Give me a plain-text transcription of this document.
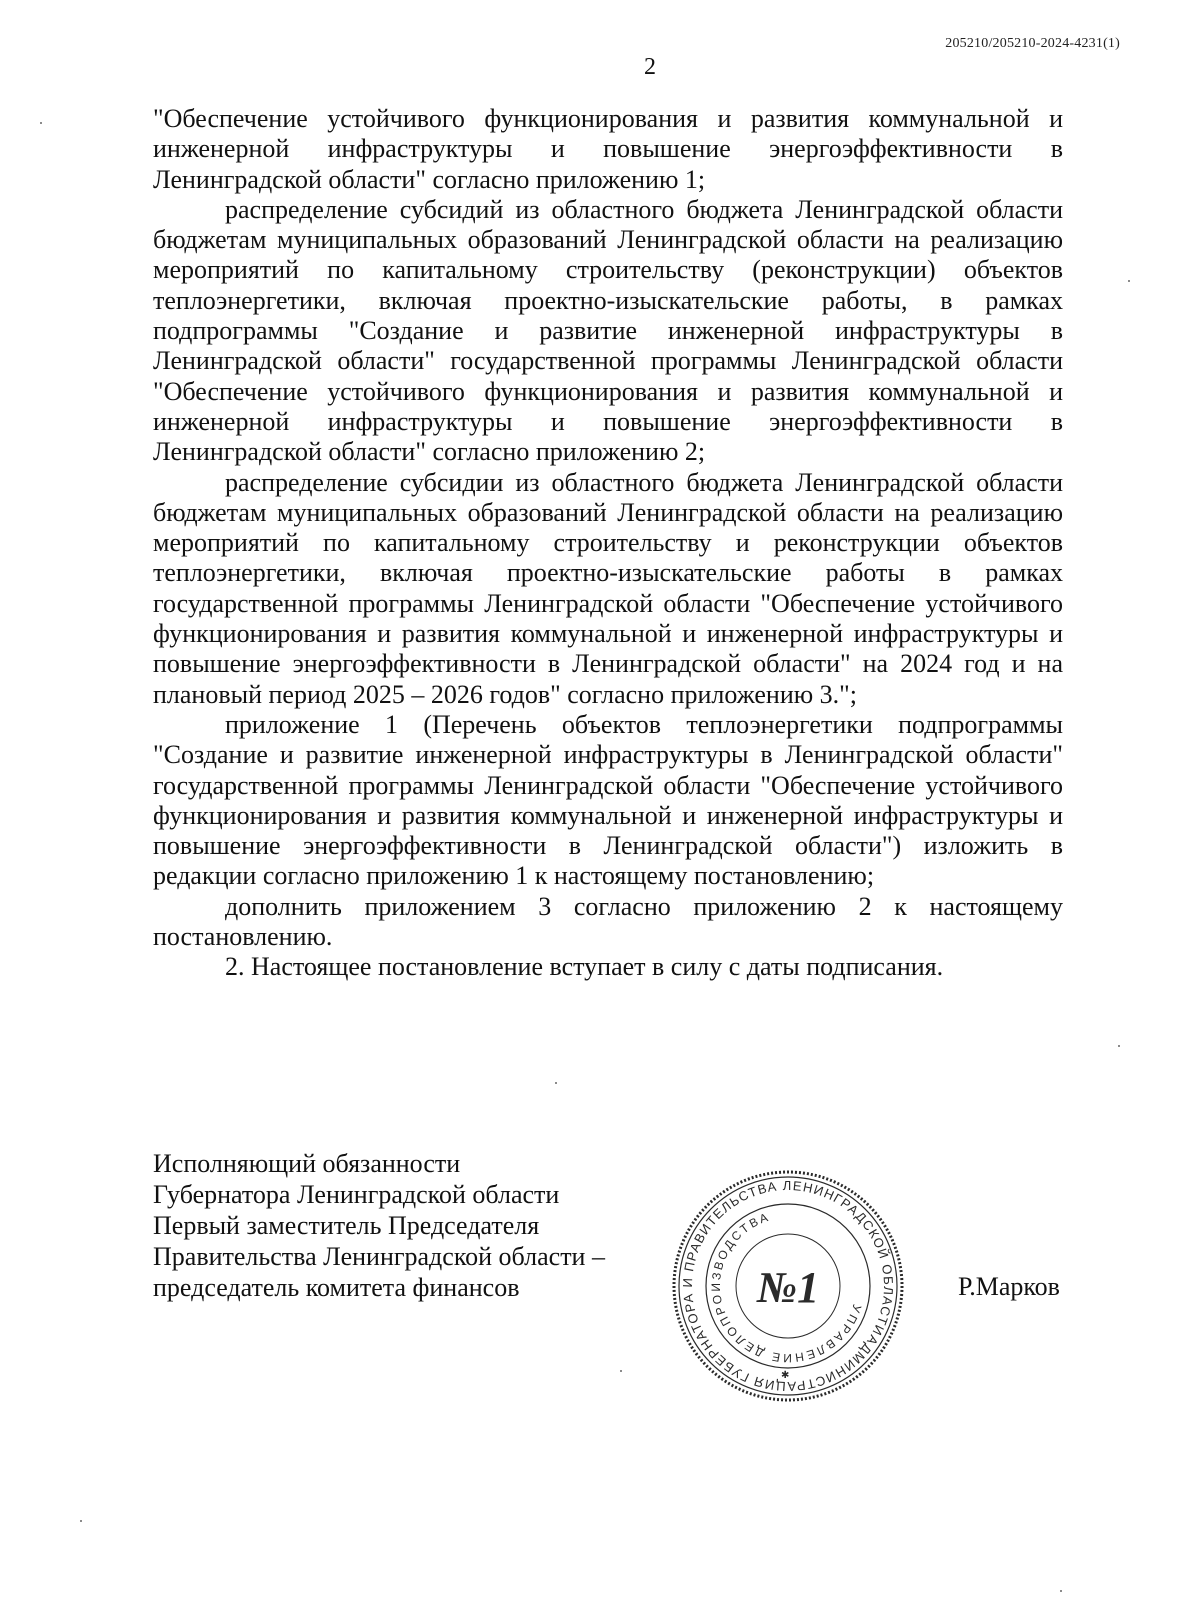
205210/205210-2024-4231(1)
2

"Обеспечение устойчивого функционирования и развития коммунальной и инженерной инфраструктуры и повышение энергоэффективности в Ленинградской области" согласно приложению 1;

распределение субсидий из областного бюджета Ленинградской области бюджетам муниципальных образований Ленинградской области на реализацию мероприятий по капитальному строительству (реконструкции) объектов теплоэнергетики, включая проектно-изыскательские работы, в рамках подпрограммы "Создание и развитие инженерной инфраструктуры в Ленинградской области" государственной программы Ленинградской области "Обеспечение устойчивого функционирования и развития коммунальной и инженерной инфраструктуры и повышение энергоэффективности в Ленинградской области" согласно приложению 2;

распределение субсидии из областного бюджета Ленинградской области бюджетам муниципальных образований Ленинградской области на реализацию мероприятий по капитальному строительству и реконструкции объектов теплоэнергетики, включая проектно-изыскательские работы в рамках государственной программы Ленинградской области "Обеспечение устойчивого функционирования и развития коммунальной и инженерной инфраструктуры и повышение энергоэффективности в Ленинградской области" на 2024 год и на плановый период 2025 – 2026 годов" согласно приложению 3.";

приложение 1 (Перечень объектов теплоэнергетики подпрограммы "Создание и развитие инженерной инфраструктуры в Ленинградской области" государственной программы Ленинградской области "Обеспечение устойчивого функционирования и развития коммунальной и инженерной инфраструктуры и повышение энергоэффективности в Ленинградской области") изложить в редакции согласно приложению 1 к настоящему постановлению;

дополнить приложением 3 согласно приложению 2 к настоящему постановлению.

2. Настоящее постановление вступает в силу с даты подписания.

Исполняющий обязанности
Губернатора Ленинградской области
Первый заместитель Председателя
Правительства Ленинградской области –
председатель комитета финансов	Р.Марков
АДМИНИСТРАЦИЯ ГУБЕРНАТОРА И ПРАВИТЕЛЬСТВА ЛЕНИНГРАДСКОЙ ОБЛАСТИ
УПРАВЛЕНИЕ ДЕЛОПРОИЗВОДСТВА
№1
✱
